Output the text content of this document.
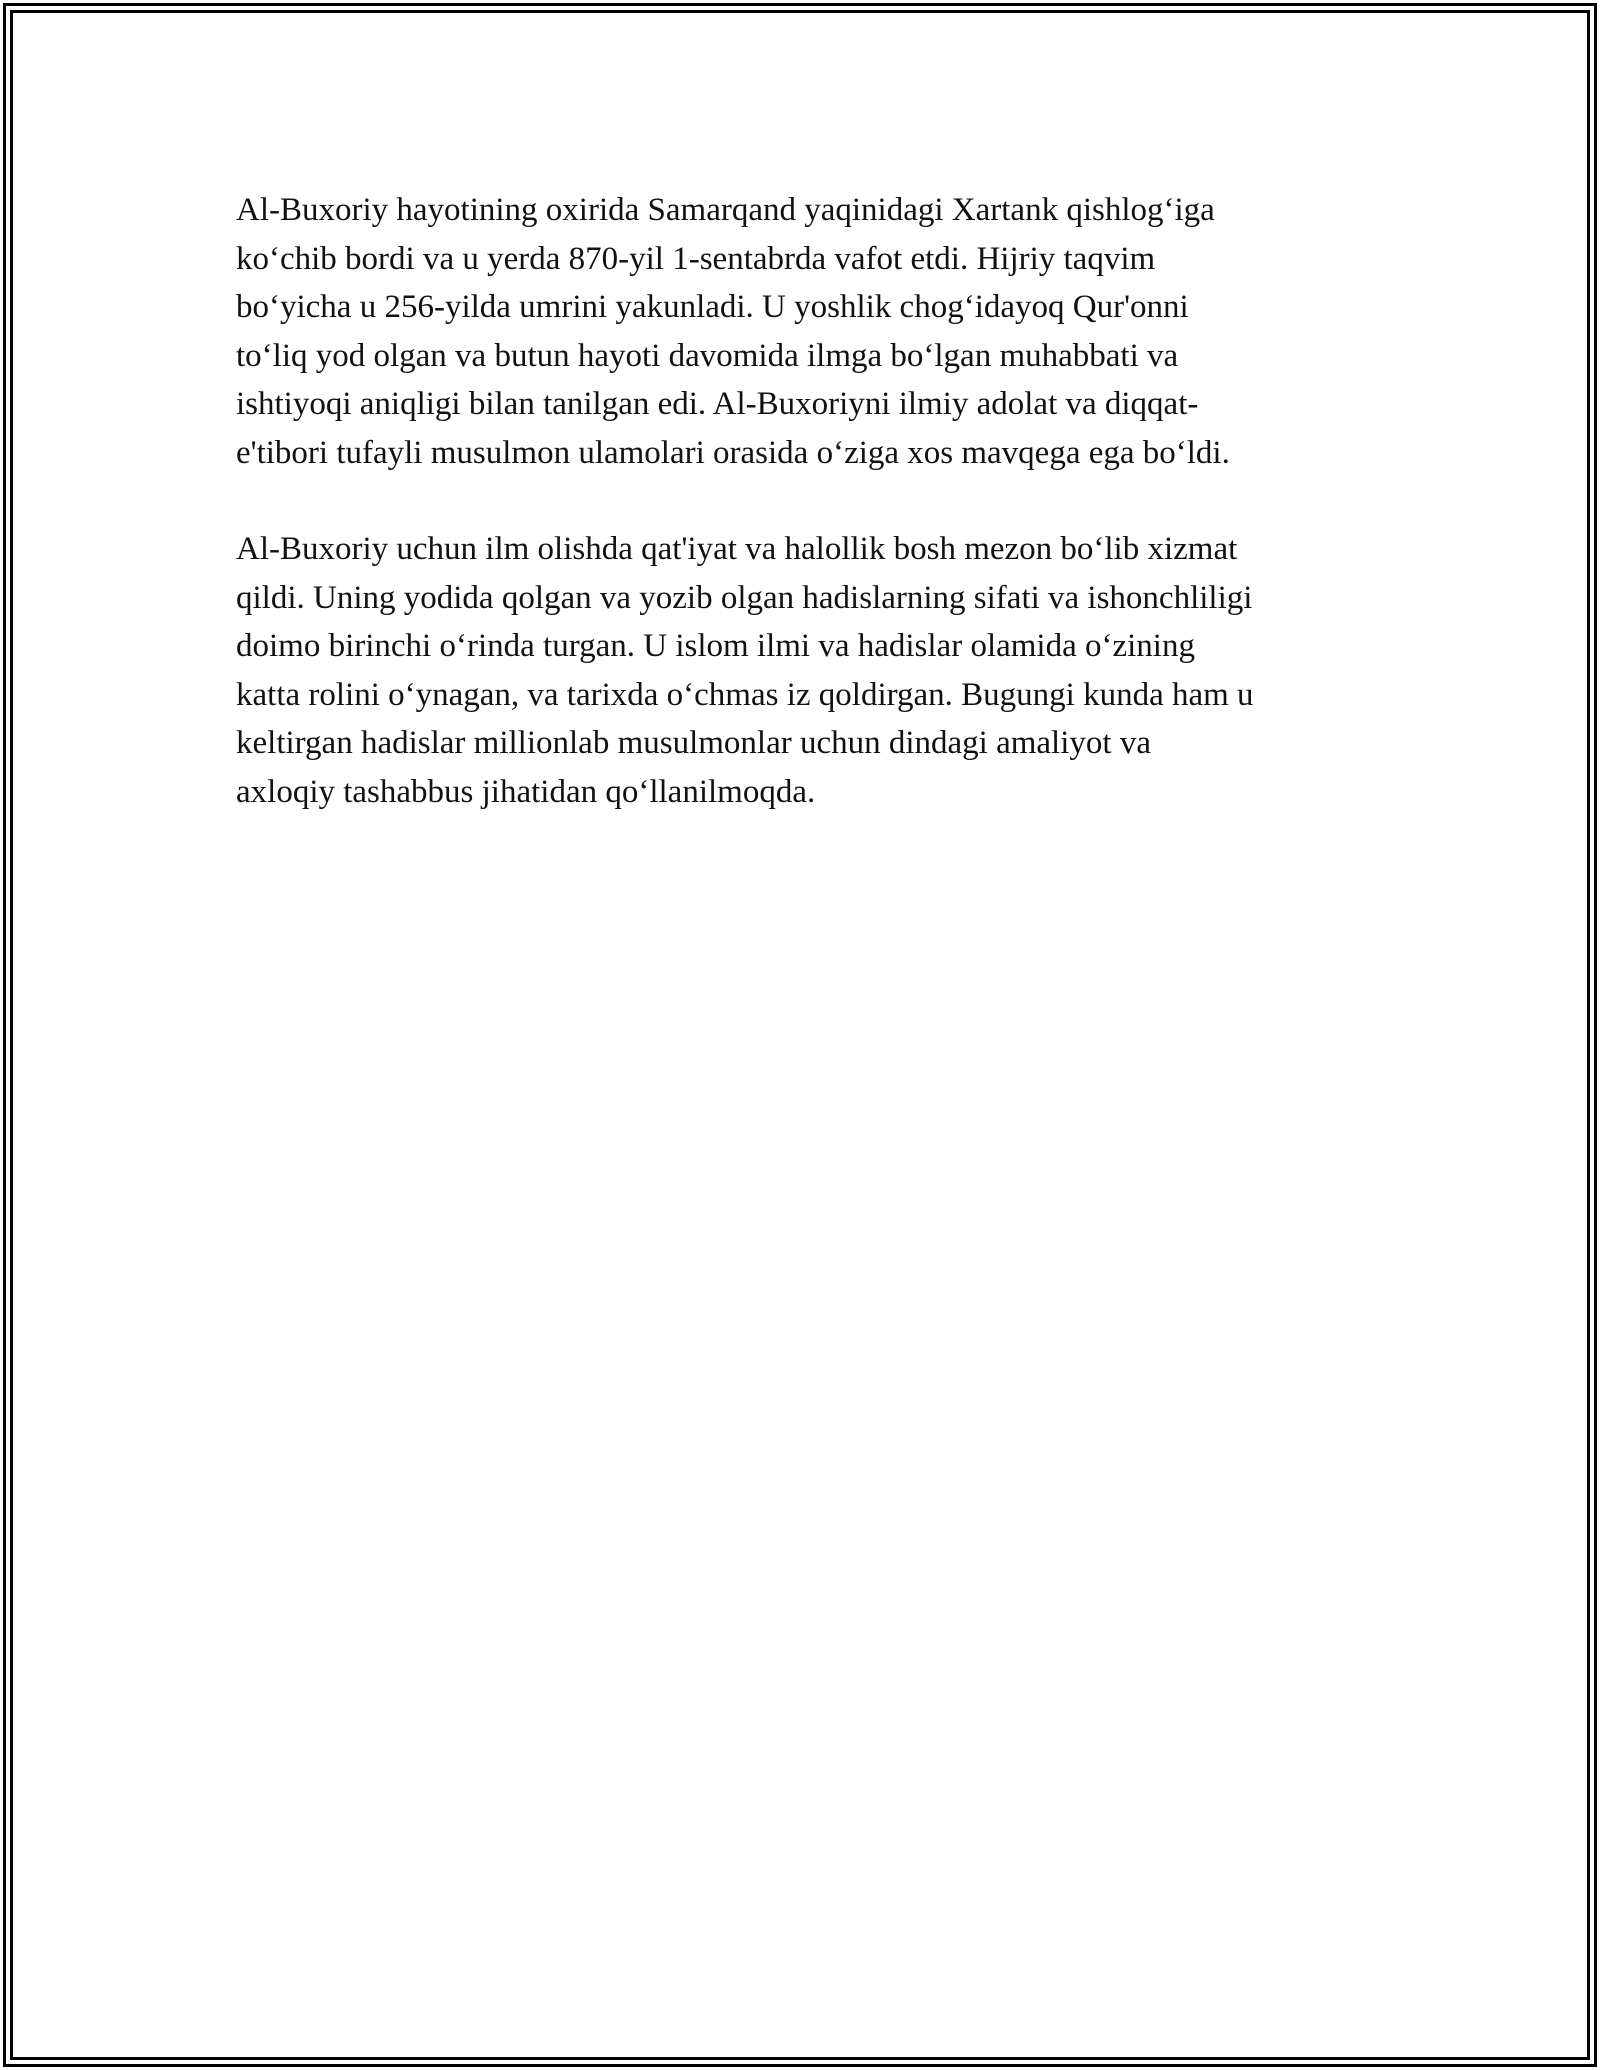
Al-Buxoriy hayotining oxirida Samarqand yaqinidagi Xartank qishlog‘iga
ko‘chib bordi va u yerda 870-yil 1-sentabrda vafot etdi. Hijriy taqvim
bo‘yicha u 256-yilda umrini yakunladi. U yoshlik chog‘idayoq Qur'onni
to‘liq yod olgan va butun hayoti davomida ilmga bo‘lgan muhabbati va
ishtiyoqi aniqligi bilan tanilgan edi. Al-Buxoriyni ilmiy adolat va diqqat-
e'tibori tufayli musulmon ulamolari orasida o‘ziga xos mavqega ega bo‘ldi.
Al-Buxoriy uchun ilm olishda qat'iyat va halollik bosh mezon bo‘lib xizmat
qildi. Uning yodida qolgan va yozib olgan hadislarning sifati va ishonchliligi
doimo birinchi o‘rinda turgan. U islom ilmi va hadislar olamida o‘zining
katta rolini o‘ynagan, va tarixda o‘chmas iz qoldirgan. Bugungi kunda ham u
keltirgan hadislar millionlab musulmonlar uchun dindagi amaliyot va
axloqiy tashabbus jihatidan qo‘llanilmoqda.
